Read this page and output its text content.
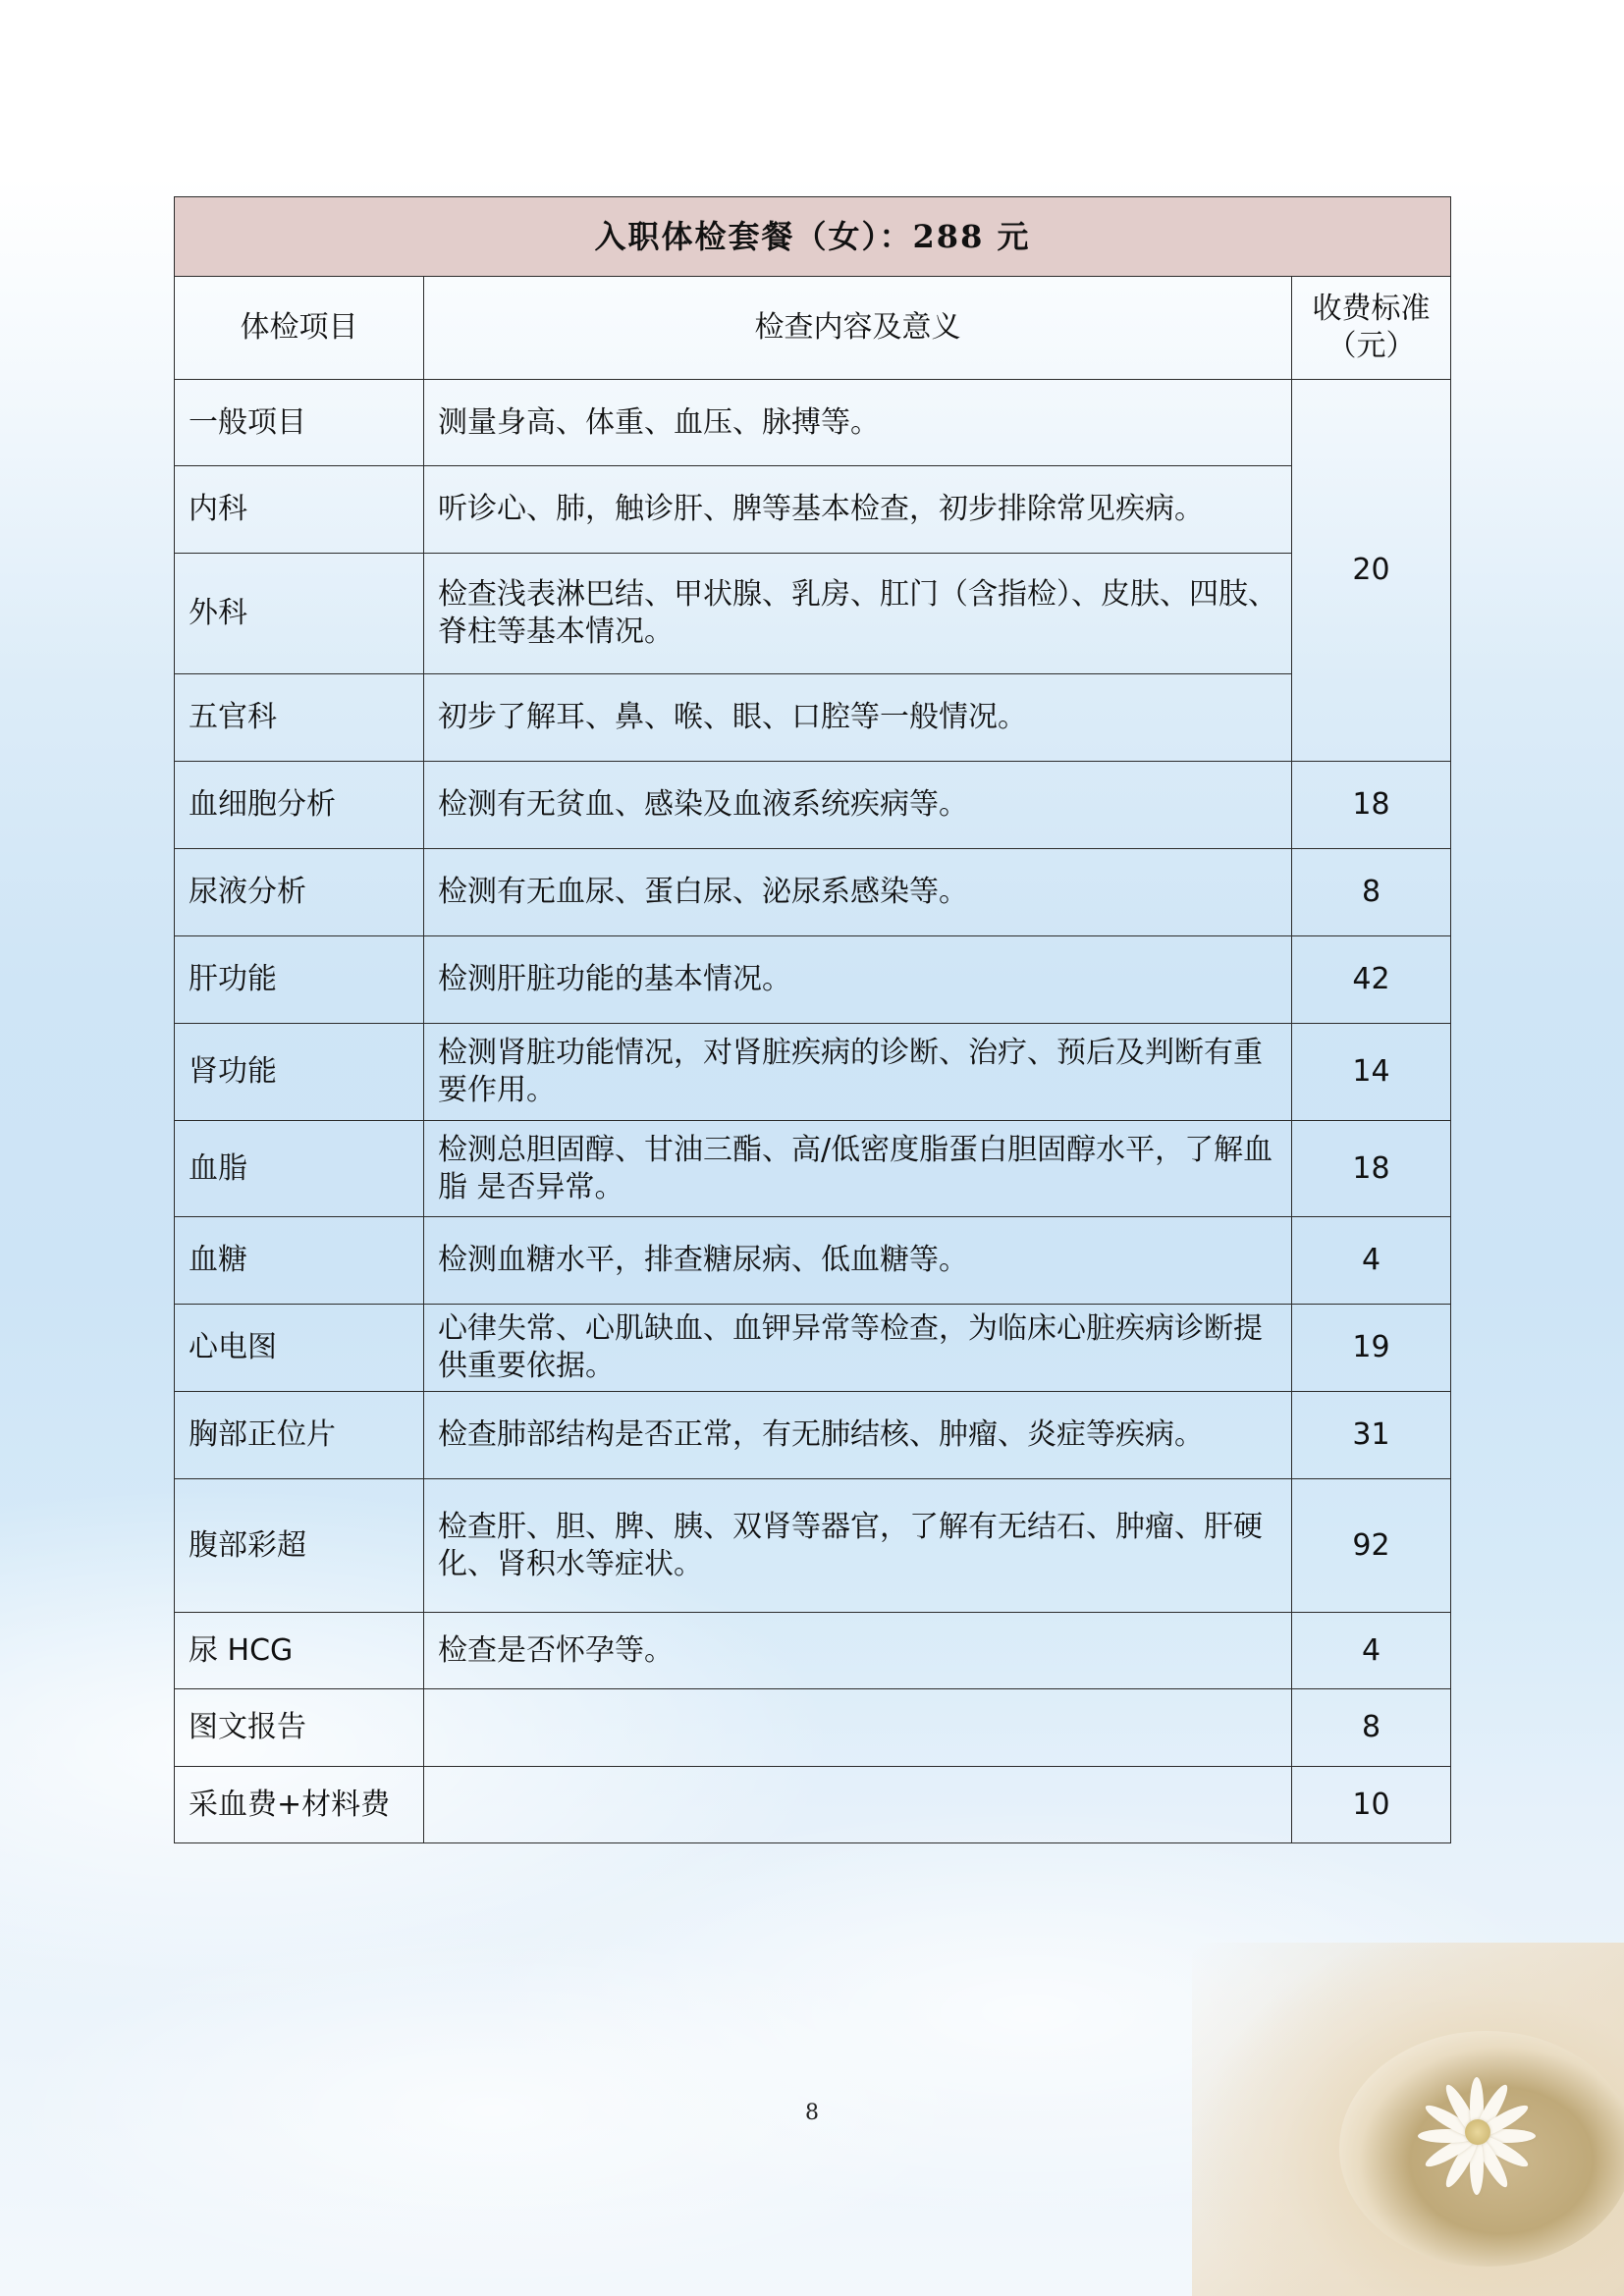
入职体检套餐（女）：288 元		
体检项目	检查内容及意义	收费标准
（元）
一般项目	测量身高、体重、血压、脉搏等。	20
内科	听诊心、肺，触诊肝、脾等基本检查，初步排除常见疾病。	
外科	检查浅表淋巴结、甲状腺、乳房、肛门（含指检）、皮肤、四肢、脊柱等基本情况。	
五官科	初步了解耳、鼻、喉、眼、口腔等一般情况。	
血细胞分析	检测有无贫血、感染及血液系统疾病等。	18
尿液分析	检测有无血尿、蛋白尿、泌尿系感染等。	8
肝功能	检测肝脏功能的基本情况。	42
肾功能	检测肾脏功能情况，对肾脏疾病的诊断、治疗、预后及判断有重要作用。	14
血脂	检测总胆固醇、甘油三酯、高/低密度脂蛋白胆固醇水平，了解血脂 是否异常。	18
血糖	检测血糖水平，排查糖尿病、低血糖等。	4
心电图	心律失常、心肌缺血、血钾异常等检查，为临床心脏疾病诊断提供重要依据。	19
胸部正位片	检查肺部结构是否正常，有无肺结核、肿瘤、炎症等疾病。	31
腹部彩超	检查肝、胆、脾、胰、双肾等器官，了解有无结石、肿瘤、肝硬化、肾积水等症状。	92
尿 HCG	检查是否怀孕等。	4
图文报告		8
采血费+材料费		10
8
